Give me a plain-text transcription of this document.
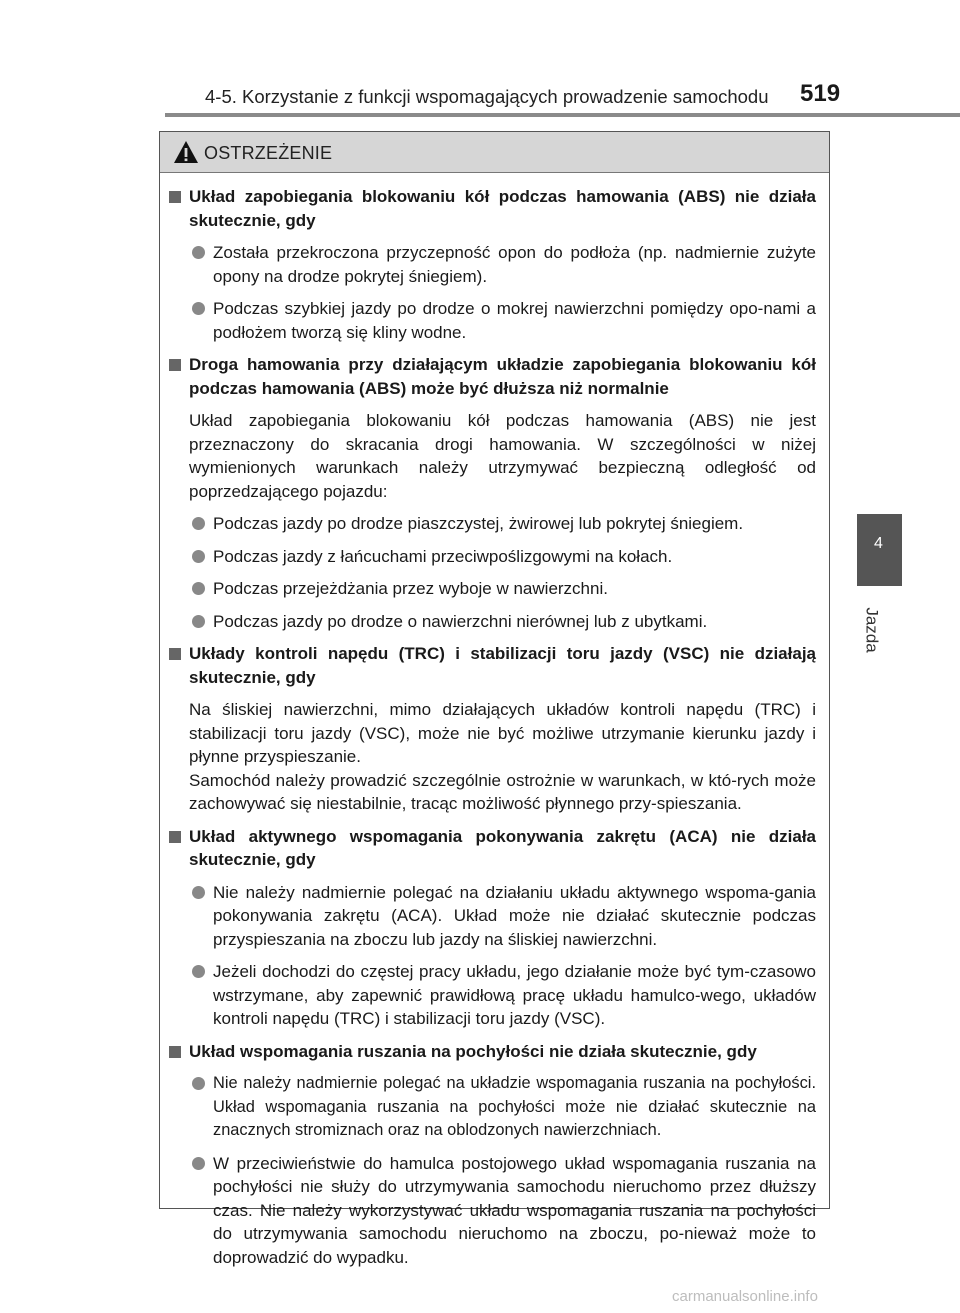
4-5. Korzystanie z funkcji wspomagających prowadzenie samochodu 519
4
Jazda
OSTRZEŻENIE
Układ zapobiegania blokowaniu kół podczas hamowania (ABS) nie działa skutecznie, gdy
Została przekroczona przyczepność opon do podłoża (np. nadmiernie zużyte opony na drodze pokrytej śniegiem).
Podczas szybkiej jazdy po drodze o mokrej nawierzchni pomiędzy opo-nami a podłożem tworzą się kliny wodne.
Droga hamowania przy działającym układzie zapobiegania blokowaniu kół podczas hamowania (ABS) może być dłuższa niż normalnie
Układ zapobiegania blokowaniu kół podczas hamowania (ABS) nie jest przeznaczony do skracania drogi hamowania. W szczególności w niżej wymienionych warunkach należy utrzymywać bezpieczną odległość od poprzedzającego pojazdu:
Podczas jazdy po drodze piaszczystej, żwirowej lub pokrytej śniegiem.
Podczas jazdy z łańcuchami przeciwpoślizgowymi na kołach.
Podczas przejeżdżania przez wyboje w nawierzchni.
Podczas jazdy po drodze o nawierzchni nierównej lub z ubytkami.
Układy kontroli napędu (TRC) i stabilizacji toru jazdy (VSC) nie działają skutecznie, gdy
Na śliskiej nawierzchni, mimo działających układów kontroli napędu (TRC) i stabilizacji toru jazdy (VSC), może nie być możliwe utrzymanie kierunku jazdy i płynne przyspieszanie.
Samochód należy prowadzić szczególnie ostrożnie w warunkach, w któ-rych może zachowywać się niestabilnie, tracąc możliwość płynnego przy-spieszania.
Układ aktywnego wspomagania pokonywania zakrętu (ACA) nie działa skutecznie, gdy
Nie należy nadmiernie polegać na działaniu układu aktywnego wspoma-gania pokonywania zakrętu (ACA). Układ może nie działać skutecznie podczas przyspieszania na zboczu lub jazdy na śliskiej nawierzchni.
Jeżeli dochodzi do częstej pracy układu, jego działanie może być tym-czasowo wstrzymane, aby zapewnić prawidłową pracę układu hamulco-wego, układów kontroli napędu (TRC) i stabilizacji toru jazdy (VSC).
Układ wspomagania ruszania na pochyłości nie działa skutecznie, gdy
Nie należy nadmiernie polegać na układzie wspomagania ruszania na pochyłości. Układ wspomagania ruszania na pochyłości może nie działać skutecznie na znacznych stromiznach oraz na oblodzonych nawierzchniach.
W przeciwieństwie do hamulca postojowego układ wspomagania ruszania na pochyłości nie służy do utrzymywania samochodu nieruchomo przez dłuższy czas. Nie należy wykorzystywać układu wspomagania ruszania na pochyłości do utrzymywania samochodu nieruchomo na zboczu, po-nieważ może to doprowadzić do wypadku.
carmanualsonline.info
